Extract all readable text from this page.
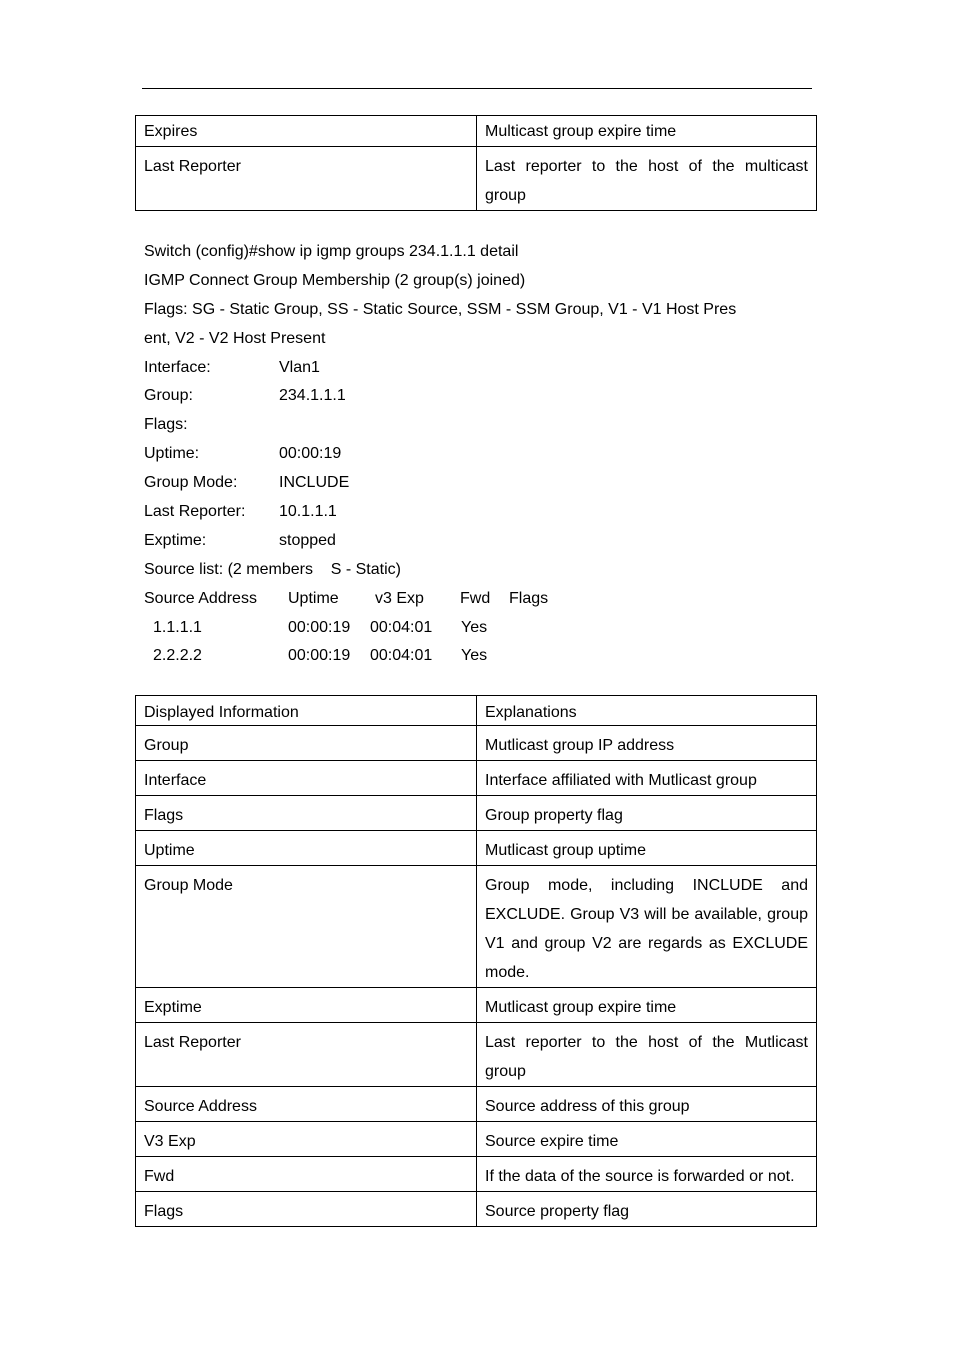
Expires	Multicast group expire time
Last Reporter	Last reporter to the host of the multicast group
Switch (config)#show ip igmp groups 234.1.1.1 detail
IGMP Connect Group Membership (2 group(s) joined)
Flags: SG - Static Group, SS - Static Source, SSM - SSM Group, V1 - V1 Host Pres
ent, V2 - V2 Host Present
Interface:	Vlan1
Group:	234.1.1.1
Flags:
Uptime:	00:00:19
Group Mode:	INCLUDE
Last Reporter: 10.1.1.1
Exptime:	stopped
Source list: (2 members    S - Static)
Source Address Uptime v3 Exp Fwd Flags
1.1.1.1	00:00:19 00:04:01 Yes
2.2.2.2	00:00:19 00:04:01 Yes
Displayed Information	Explanations
Group	Mutlicast group IP address
Interface	Interface affiliated with Mutlicast group
Flags	Group property flag
Uptime	Mutlicast group uptime
Group Mode	Group mode, including INCLUDE and EXCLUDE. Group V3 will be available, group V1 and group V2 are regards as EXCLUDE mode.
Exptime	Mutlicast group expire time
Last Reporter	Last reporter to the host of the Mutlicast group
Source Address	Source address of this group
V3 Exp	Source expire time
Fwd	If the data of the source is forwarded or not.
Flags	Source property flag
